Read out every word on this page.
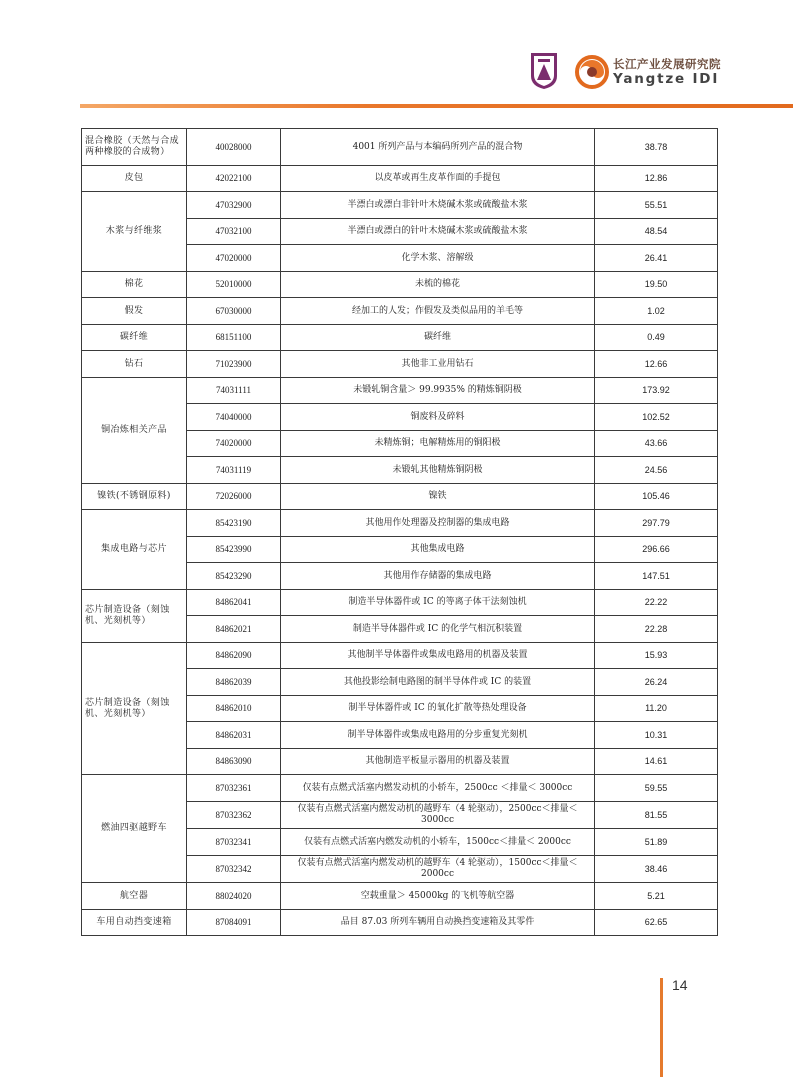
长江产业发展研究院
Yangtze IDI
混合橡胶（天然与合成两种橡胶的合成物）	40028000	4001 所列产品与本编码所列产品的混合物	38.78
皮包	42022100	以皮革或再生皮革作面的手提包	12.86
木浆与纤维浆	47032900	半漂白或漂白非针叶木烧碱木浆或硫酸盐木浆	55.51
	47032100	半漂白或漂白的针叶木烧碱木浆或硫酸盐木浆	48.54
	47020000	化学木浆、溶解级	26.41
棉花	52010000	未梳的棉花	19.50
假发	67030000	经加工的人发；作假发及类似品用的羊毛等	1.02
碳纤维	68151100	碳纤维	0.49
钻石	71023900	其他非工业用钻石	12.66
铜冶炼相关产品	74031111	未锻轧铜含量＞ 99.9935% 的精炼铜阴极	173.92
	74040000	铜废料及碎料	102.52
	74020000	未精炼铜；电解精炼用的铜阳极	43.66
	74031119	未锻轧其他精炼铜阴极	24.56
镍铁(不锈钢原料)	72026000	镍铁	105.46
集成电路与芯片	85423190	其他用作处理器及控制器的集成电路	297.79
	85423990	其他集成电路	296.66
	85423290	其他用作存储器的集成电路	147.51
芯片制造设备（刻蚀机、光刻机等）	84862041	制造半导体器件或 IC 的等离子体干法刻蚀机	22.22
	84862021	制造半导体器件或 IC 的化学气相沉积装置	22.28
芯片制造设备（刻蚀机、光刻机等）	84862090	其他制半导体器件或集成电路用的机器及装置	15.93
	84862039	其他投影绘制电路图的制半导体件或 IC 的装置	26.24
	84862010	制半导体器件或 IC 的氧化扩散等热处理设备	11.20
	84862031	制半导体器件或集成电路用的分步重复光刻机	10.31
	84863090	其他制造平板显示器用的机器及装置	14.61
燃油四驱越野车	87032361	仅装有点燃式活塞内燃发动机的小轿车，2500cc ＜排量＜ 3000cc	59.55
	87032362	仅装有点燃式活塞内燃发动机的越野车（4 轮驱动），2500cc＜排量＜ 3000cc	81.55
	87032341	仅装有点燃式活塞内燃发动机的小轿车，1500cc＜排量＜ 2000cc	51.89
	87032342	仅装有点燃式活塞内燃发动机的越野车（4 轮驱动），1500cc＜排量＜ 2000cc	38.46
航空器	88024020	空载重量＞ 45000kg 的飞机等航空器	5.21
车用自动挡变速箱	87084091	品目 87.03 所列车辆用自动换挡变速箱及其零件	62.65
14
